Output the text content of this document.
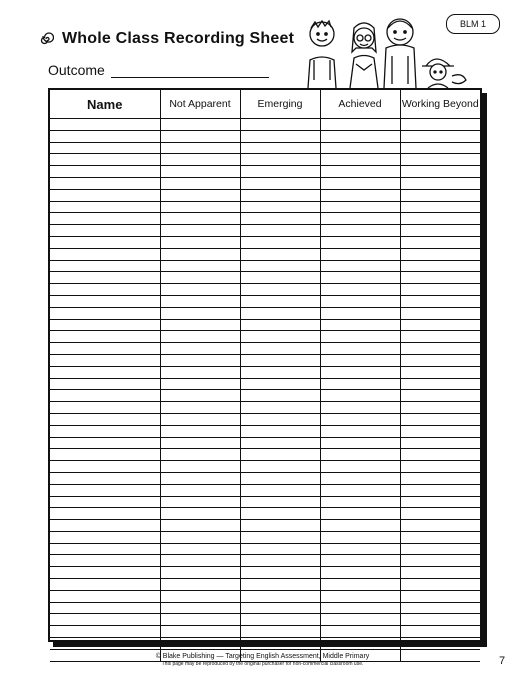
Whole Class Recording Sheet
Outcome
BLM 1
Name	Not Apparent	Emerging	Achieved	Working Beyond

© Blake Publishing — Targeting English Assessment, Middle Primary
This page may be reproduced by the original purchaser for non-commercial classroom use.	7
